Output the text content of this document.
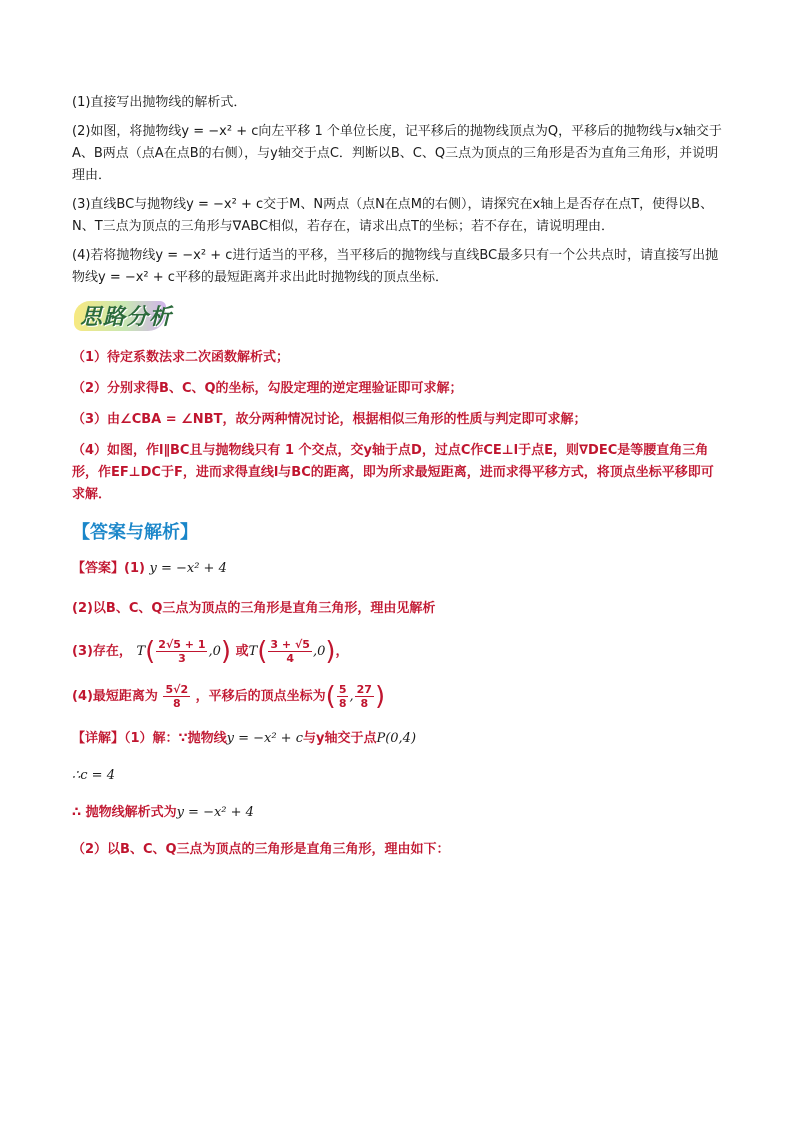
(1)直接写出抛物线的解析式．

(2)如图，将抛物线y = −x² + c向左平移 1 个单位长度，记平移后的抛物线顶点为Q，平移后的抛物线与x轴交于A、B两点（点A在点B的右侧），与y轴交于点C．判断以B、C、Q三点为顶点的三角形是否为直角三角形，并说明理由．

(3)直线BC与抛物线y = −x² + c交于M、N两点（点N在点M的右侧），请探究在x轴上是否存在点T，使得以B、N、T三点为顶点的三角形与∇ABC相似，若存在，请求出点T的坐标；若不存在，请说明理由．

(4)若将抛物线y = −x² + c进行适当的平移，当平移后的抛物线与直线BC最多只有一个公共点时，请直接写出抛物线y = −x² + c平移的最短距离并求出此时抛物线的顶点坐标．

思路分析

（1）待定系数法求二次函数解析式；

（2）分别求得B、C、Q的坐标，勾股定理的逆定理验证即可求解；

（3）由∠CBA = ∠NBT，故分两种情况讨论，根据相似三角形的性质与判定即可求解；

（4）如图，作l∥BC且与抛物线只有 1 个交点，交y轴于点D，过点C作CE⊥l于点E，则∇DEC是等腰直角三角形，作EF⊥DC于F，进而求得直线l与BC的距离，即为所求最短距离，进而求得平移方式，将顶点坐标平移即可求解．

【答案与解析】

【答案】(1) y = −x² + 4

(2)以B、C、Q三点为顶点的三角形是直角三角形，理由见解析

(3)存在， $T( \frac{2√5 + 1}{3} ,0)$ 或$T( \frac{3 + √5}{4} ,0)$，

(4)最短距离为 $\frac{5√2}{8}$ ，平移后的顶点坐标为( $\frac{5}{8}$ , $\frac{27}{8}$ )

【详解】（1）解：∵抛物线y = −x² + c与y轴交于点P(0,4)

∴c = 4

∴ 抛物线解析式为y = −x² + 4

（2）以B、C、Q三点为顶点的三角形是直角三角形，理由如下：
